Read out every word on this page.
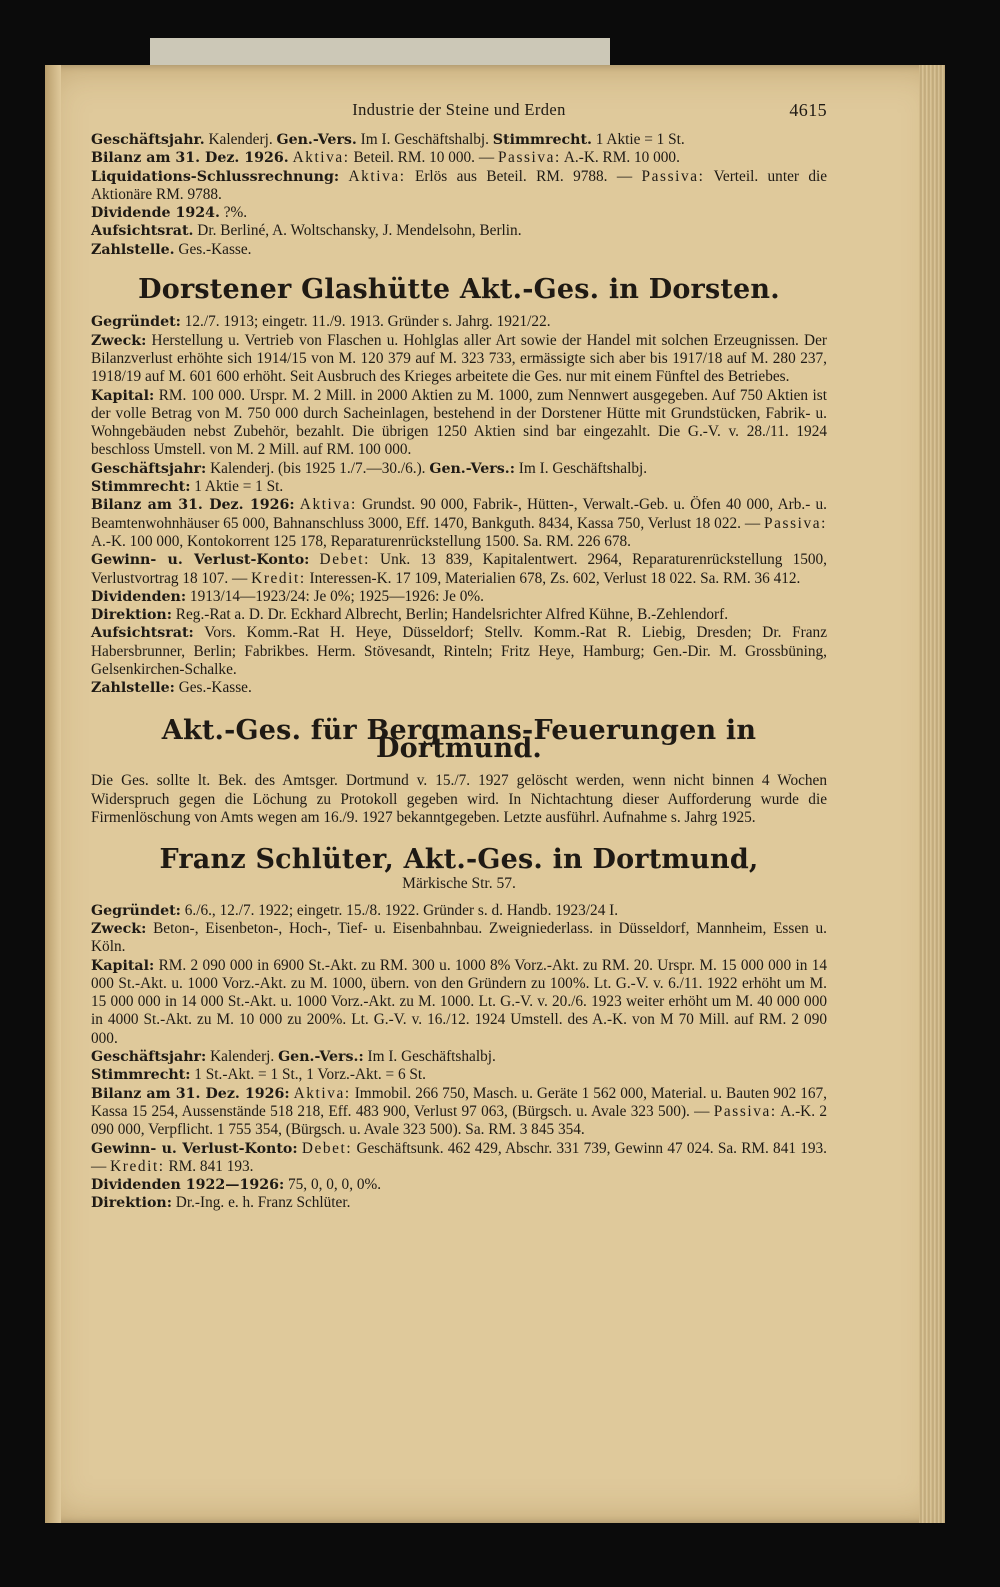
Industrie der Steine und Erden	4615

Geschäftsjahr. Kalenderj. Gen.-Vers. Im I. Geschäftshalbj. Stimmrecht. 1 Aktie = 1 St.

Bilanz am 31. Dez. 1926. Aktiva: Beteil. RM. 10 000. — Passiva: A.-K. RM. 10 000.

Liquidations-Schlussrechnung: Aktiva: Erlös aus Beteil. RM. 9788. — Passiva: Verteil. unter die Aktionäre RM. 9788.

Dividende 1924. ?%.

Aufsichtsrat. Dr. Berliné, A. Woltschansky, J. Mendelsohn, Berlin.

Zahlstelle. Ges.-Kasse.

Dorstener Glashütte Akt.-Ges. in Dorsten.

Gegründet: 12./7. 1913; eingetr. 11./9. 1913. Gründer s. Jahrg. 1921/22.

Zweck: Herstellung u. Vertrieb von Flaschen u. Hohlglas aller Art sowie der Handel mit solchen Erzeugnissen. Der Bilanzverlust erhöhte sich 1914/15 von M. 120 379 auf M. 323 733, ermässigte sich aber bis 1917/18 auf M. 280 237, 1918/19 auf M. 601 600 erhöht. Seit Ausbruch des Krieges arbeitete die Ges. nur mit einem Fünftel des Betriebes.

Kapital: RM. 100 000. Urspr. M. 2 Mill. in 2000 Aktien zu M. 1000, zum Nennwert ausgegeben. Auf 750 Aktien ist der volle Betrag von M. 750 000 durch Sacheinlagen, bestehend in der Dorstener Hütte mit Grundstücken, Fabrik- u. Wohngebäuden nebst Zubehör, bezahlt. Die übrigen 1250 Aktien sind bar eingezahlt. Die G.-V. v. 28./11. 1924 beschloss Umstell. von M. 2 Mill. auf RM. 100 000.

Geschäftsjahr: Kalenderj. (bis 1925 1./7.—30./6.). Gen.-Vers.: Im I. Geschäftshalbj.

Stimmrecht: 1 Aktie = 1 St.

Bilanz am 31. Dez. 1926: Aktiva: Grundst. 90 000, Fabrik-, Hütten-, Verwalt.-Geb. u. Öfen 40 000, Arb.- u. Beamtenwohnhäuser 65 000, Bahnanschluss 3000, Eff. 1470, Bankguth. 8434, Kassa 750, Verlust 18 022. — Passiva: A.-K. 100 000, Kontokorrent 125 178, Reparaturenrückstellung 1500. Sa. RM. 226 678.

Gewinn- u. Verlust-Konto: Debet: Unk. 13 839, Kapitalentwert. 2964, Reparaturenrückstellung 1500, Verlustvortrag 18 107. — Kredit: Interessen-K. 17 109, Materialien 678, Zs. 602, Verlust 18 022. Sa. RM. 36 412.

Dividenden: 1913/14—1923/24: Je 0%; 1925—1926: Je 0%.

Direktion: Reg.-Rat a. D. Dr. Eckhard Albrecht, Berlin; Handelsrichter Alfred Kühne, B.-Zehlendorf.

Aufsichtsrat: Vors. Komm.-Rat H. Heye, Düsseldorf; Stellv. Komm.-Rat R. Liebig, Dresden; Dr. Franz Habersbrunner, Berlin; Fabrikbes. Herm. Stövesandt, Rinteln; Fritz Heye, Hamburg; Gen.-Dir. M. Grossbüning, Gelsenkirchen-Schalke.

Zahlstelle: Ges.-Kasse.

Akt.-Ges. für Bergmans-Feuerungen in Dortmund.

Die Ges. sollte lt. Bek. des Amtsger. Dortmund v. 15./7. 1927 gelöscht werden, wenn nicht binnen 4 Wochen Widerspruch gegen die Löchung zu Protokoll gegeben wird. In Nichtachtung dieser Aufforderung wurde die Firmenlöschung von Amts wegen am 16./9. 1927 bekanntgegeben. Letzte ausführl. Aufnahme s. Jahrg 1925.

Franz Schlüter, Akt.-Ges. in Dortmund,
Märkische Str. 57.

Gegründet: 6./6., 12./7. 1922; eingetr. 15./8. 1922. Gründer s. d. Handb. 1923/24 I.

Zweck: Beton-, Eisenbeton-, Hoch-, Tief- u. Eisenbahnbau. Zweigniederlass. in Düsseldorf, Mannheim, Essen u. Köln.

Kapital: RM. 2 090 000 in 6900 St.-Akt. zu RM. 300 u. 1000 8% Vorz.-Akt. zu RM. 20. Urspr. M. 15 000 000 in 14 000 St.-Akt. u. 1000 Vorz.-Akt. zu M. 1000, übern. von den Gründern zu 100%. Lt. G.-V. v. 6./11. 1922 erhöht um M. 15 000 000 in 14 000 St.-Akt. u. 1000 Vorz.-Akt. zu M. 1000. Lt. G.-V. v. 20./6. 1923 weiter erhöht um M. 40 000 000 in 4000 St.-Akt. zu M. 10 000 zu 200%. Lt. G.-V. v. 16./12. 1924 Umstell. des A.-K. von M 70 Mill. auf RM. 2 090 000.

Geschäftsjahr: Kalenderj. Gen.-Vers.: Im I. Geschäftshalbj.

Stimmrecht: 1 St.-Akt. = 1 St., 1 Vorz.-Akt. = 6 St.

Bilanz am 31. Dez. 1926: Aktiva: Immobil. 266 750, Masch. u. Geräte 1 562 000, Material. u. Bauten 902 167, Kassa 15 254, Aussenstände 518 218, Eff. 483 900, Verlust 97 063, (Bürgsch. u. Avale 323 500). — Passiva: A.-K. 2 090 000, Verpflicht. 1 755 354, (Bürgsch. u. Avale 323 500). Sa. RM. 3 845 354.

Gewinn- u. Verlust-Konto: Debet: Geschäftsunk. 462 429, Abschr. 331 739, Gewinn 47 024. Sa. RM. 841 193. — Kredit: RM. 841 193.

Dividenden 1922—1926: 75, 0, 0, 0, 0%.

Direktion: Dr.-Ing. e. h. Franz Schlüter.
